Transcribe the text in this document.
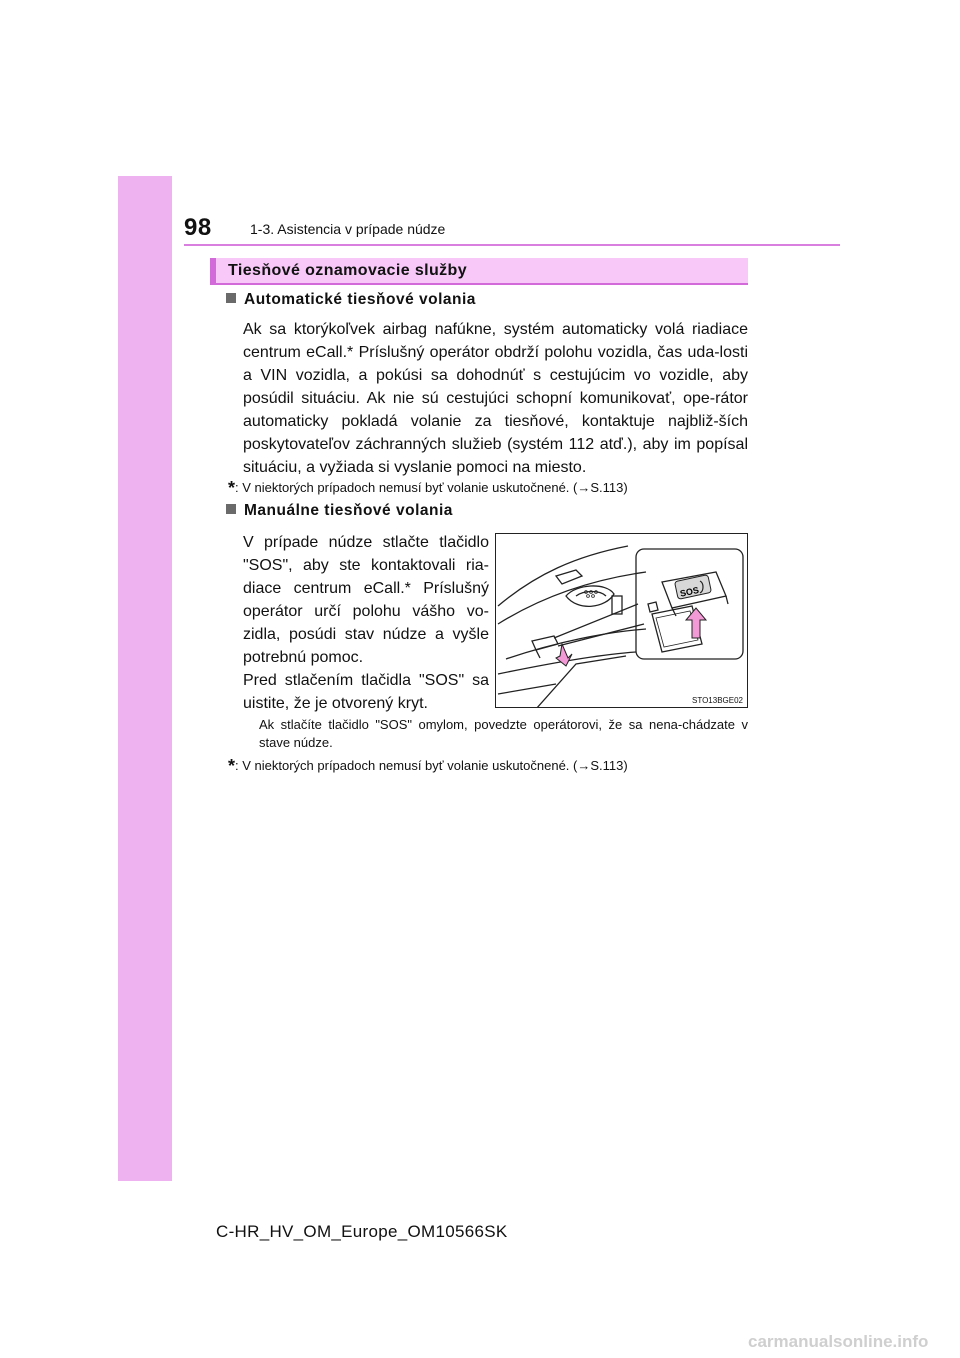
98	1-3. Asistencia v prípade núdze
Tiesňové oznamovacie služby
Automatické tiesňové volania

Ak sa ktorýkoľvek airbag nafúkne, systém automaticky volá riadiace centrum eCall.* Príslušný operátor obdrží polohu vozidla, čas uda-losti a VIN vozidla, a pokúsi sa dohodnúť s cestujúcim vo vozidle, aby posúdil situáciu. Ak nie sú cestujúci schopní komunikovať, ope-rátor automaticky pokladá volanie za tiesňové, kontaktuje najbliž-ších poskytovateľov záchranných služieb (systém 112 atď.), aby im popísal situáciu, a vyžiada si vyslanie pomoci na miesto.

*: V niektorých prípadoch nemusí byť volanie uskutočnené. (→S.113)

Manuálne tiesňové volania
V prípade núdze stlačte tlačidlo
"SOS", aby ste kontaktovali ria-
diace centrum eCall.* Príslušný
operátor určí polohu vášho vo-
zidla, posúdi stav núdze a vyšle
potrebnú pomoc.
Pred stlačením tlačidla "SOS" sa
uistite, že je otvorený kryt.
SOS
STO13BGE02

Ak stlačíte tlačidlo "SOS" omylom, povedzte operátorovi, že sa nena-chádzate v stave núdze.

*: V niektorých prípadoch nemusí byť volanie uskutočnené. (→S.113)

C-HR_HV_OM_Europe_OM10566SK
carmanualsonline.info
